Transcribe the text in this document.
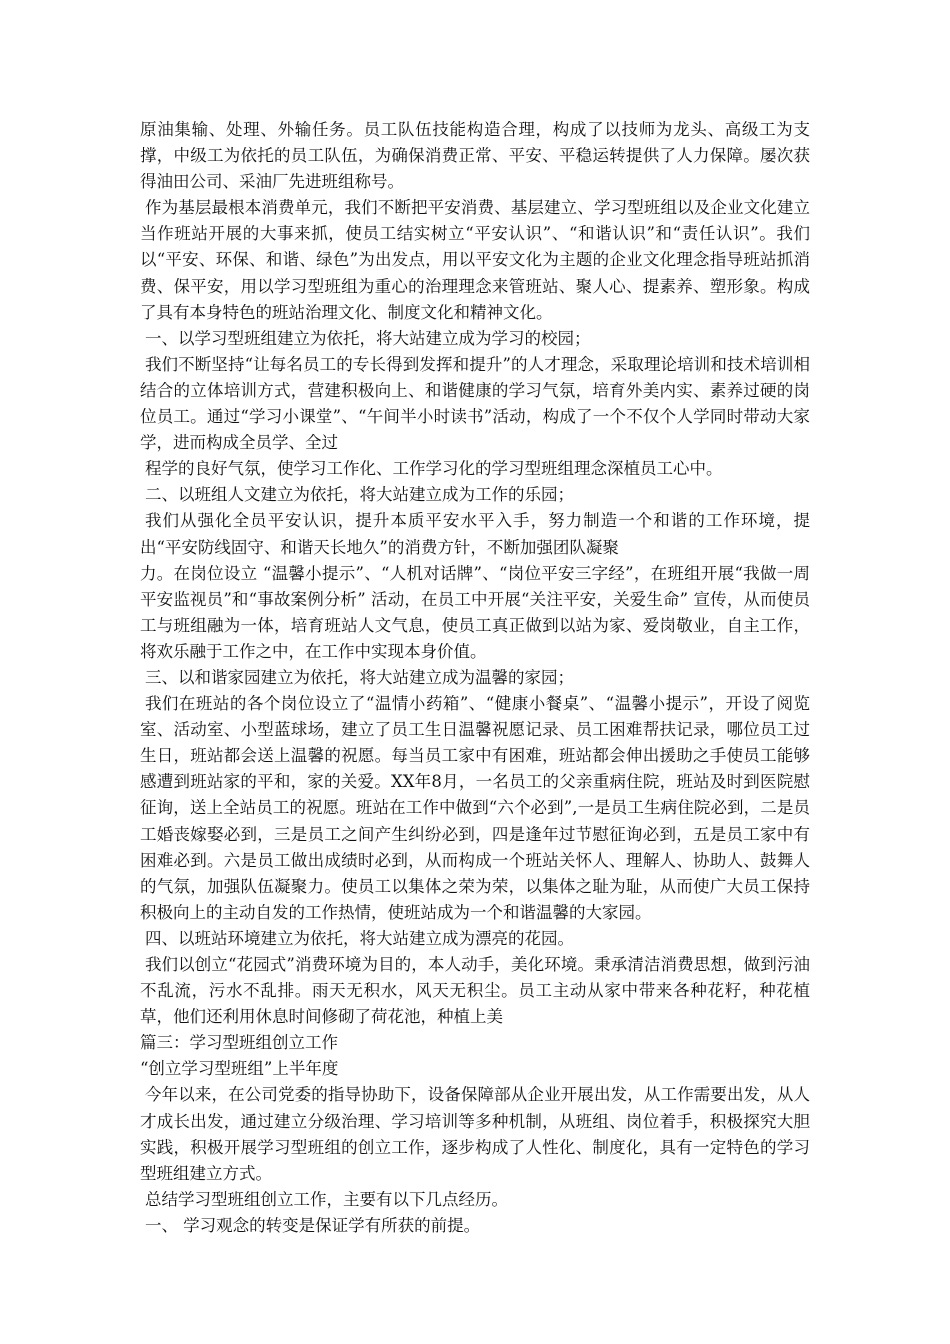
原油集输、处理、外输任务。员工队伍技能构造合理，构成了以技师为龙头、高级工为支撑，中级工为依托的员工队伍，为确保消费正常、平安、平稳运转提供了人力保障。屡次获得油田公司、采油厂先进班组称号。

作为基层最根本消费单元，我们不断把平安消费、基层建立、学习型班组以及企业文化建立当作班站开展的大事来抓，使员工结实树立“平安认识”、“和谐认识”和“责任认识”。我们以“平安、环保、和谐、绿色”为出发点，用以平安文化为主题的企业文化理念指导班站抓消费、保平安，用以学习型班组为重心的治理理念来管班站、聚人心、提素养、塑形象。构成了具有本身特色的班站治理文化、制度文化和精神文化。

一、以学习型班组建立为依托，将大站建立成为学习的校园；

我们不断坚持“让每名员工的专长得到发挥和提升”的人才理念，采取理论培训和技术培训相结合的立体培训方式，营建积极向上、和谐健康的学习气氛，培育外美内实、素养过硬的岗位员工。通过“学习小课堂”、“午间半小时读书”活动，构成了一个不仅个人学同时带动大家学，进而构成全员学、全过

程学的良好气氛，使学习工作化、工作学习化的学习型班组理念深植员工心中。

二、以班组人文建立为依托，将大站建立成为工作的乐园；

我们从强化全员平安认识，提升本质平安水平入手，努力制造一个和谐的工作环境，提出“平安防线固守、和谐天长地久”的消费方针，不断加强团队凝聚

力。在岗位设立 “温馨小提示”、“人机对话牌”、“岗位平安三字经”，在班组开展“我做一周平安监视员”和“事故案例分析” 活动，在员工中开展“关注平安，关爱生命” 宣传，从而使员工与班组融为一体，培育班站人文气息，使员工真正做到以站为家、爱岗敬业，自主工作，将欢乐融于工作之中，在工作中实现本身价值。

三、以和谐家园建立为依托，将大站建立成为温馨的家园；

我们在班站的各个岗位设立了“温情小药箱”、“健康小餐桌”、“温馨小提示”，开设了阅览室、活动室、小型蓝球场，建立了员工生日温馨祝愿记录、员工困难帮扶记录，哪位员工过生日，班站都会送上温馨的祝愿。每当员工家中有困难，班站都会伸出援助之手使员工能够感遭到班站家的平和，家的关爱。XX年8月，一名员工的父亲重病住院，班站及时到医院慰征询，送上全站员工的祝愿。班站在工作中做到“六个必到”,一是员工生病住院必到，二是员工婚丧嫁娶必到，三是员工之间产生纠纷必到，四是逢年过节慰征询必到，五是员工家中有困难必到。六是员工做出成绩时必到，从而构成一个班站关怀人、理解人、协助人、鼓舞人的气氛，加强队伍凝聚力。使员工以集体之荣为荣，以集体之耻为耻，从而使广大员工保持积极向上的主动自发的工作热情，使班站成为一个和谐温馨的大家园。

四、以班站环境建立为依托，将大站建立成为漂亮的花园。

我们以创立“花园式”消费环境为目的，本人动手，美化环境。秉承清洁消费思想，做到污油不乱流，污水不乱排。雨天无积水，风天无积尘。员工主动从家中带来各种花籽，种花植草，他们还利用休息时间修砌了荷花池，种植上美

篇三：学习型班组创立工作

“创立学习型班组”上半年度

今年以来，在公司党委的指导协助下，设备保障部从企业开展出发，从工作需要出发，从人才成长出发，通过建立分级治理、学习培训等多种机制，从班组、岗位着手，积极探究大胆实践，积极开展学习型班组的创立工作，逐步构成了人性化、制度化，具有一定特色的学习型班组建立方式。

总结学习型班组创立工作，主要有以下几点经历。

一、 学习观念的转变是保证学有所获的前提。
